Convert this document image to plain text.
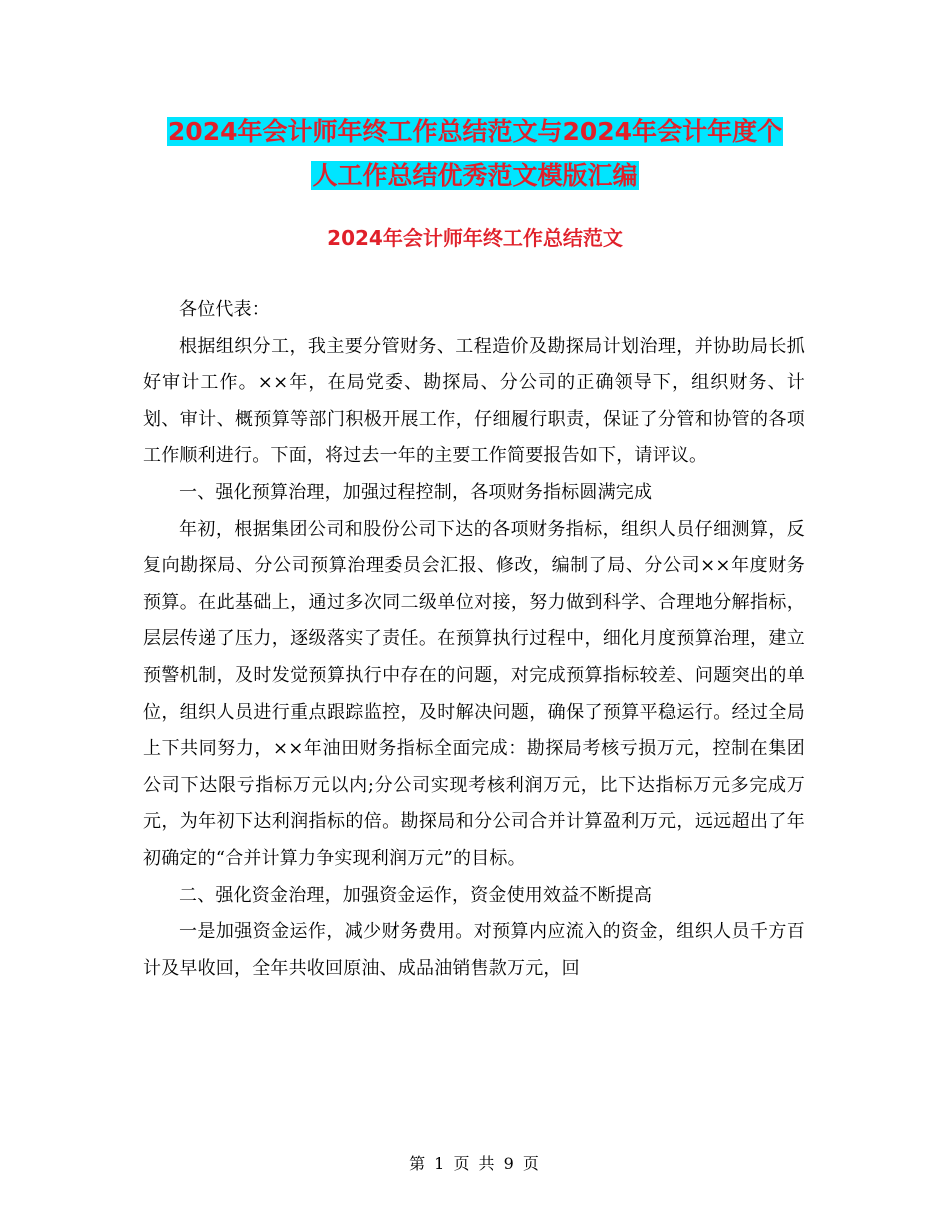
2024年会计师年终工作总结范文与2024年会计年度个
人工作总结优秀范文模版汇编
2024年会计师年终工作总结范文

各位代表：

根据组织分工，我主要分管财务、工程造价及勘探局计划治理，并协助局长抓好审计工作。××年，在局党委、勘探局、分公司的正确领导下，组织财务、计划、审计、概预算等部门积极开展工作，仔细履行职责，保证了分管和协管的各项工作顺利进行。下面，将过去一年的主要工作简要报告如下，请评议。

一、强化预算治理，加强过程控制，各项财务指标圆满完成

年初，根据集团公司和股份公司下达的各项财务指标，组织人员仔细测算，反复向勘探局、分公司预算治理委员会汇报、修改，编制了局、分公司××年度财务预算。在此基础上，通过多次同二级单位对接，努力做到科学、合理地分解指标，层层传递了压力，逐级落实了责任。在预算执行过程中，细化月度预算治理，建立预警机制，及时发觉预算执行中存在的问题，对完成预算指标较差、问题突出的单位，组织人员进行重点跟踪监控，及时解决问题，确保了预算平稳运行。经过全局上下共同努力，××年油田财务指标全面完成：勘探局考核亏损万元，控制在集团公司下达限亏指标万元以内;分公司实现考核利润万元，比下达指标万元多完成万元，为年初下达利润指标的倍。勘探局和分公司合并计算盈利万元，远远超出了年初确定的“合并计算力争实现利润万元”的目标。

二、强化资金治理，加强资金运作，资金使用效益不断提高

一是加强资金运作，减少财务费用。对预算内应流入的资金，组织人员千方百计及早收回，全年共收回原油、成品油销售款万元，回

第 1 页 共 9 页
